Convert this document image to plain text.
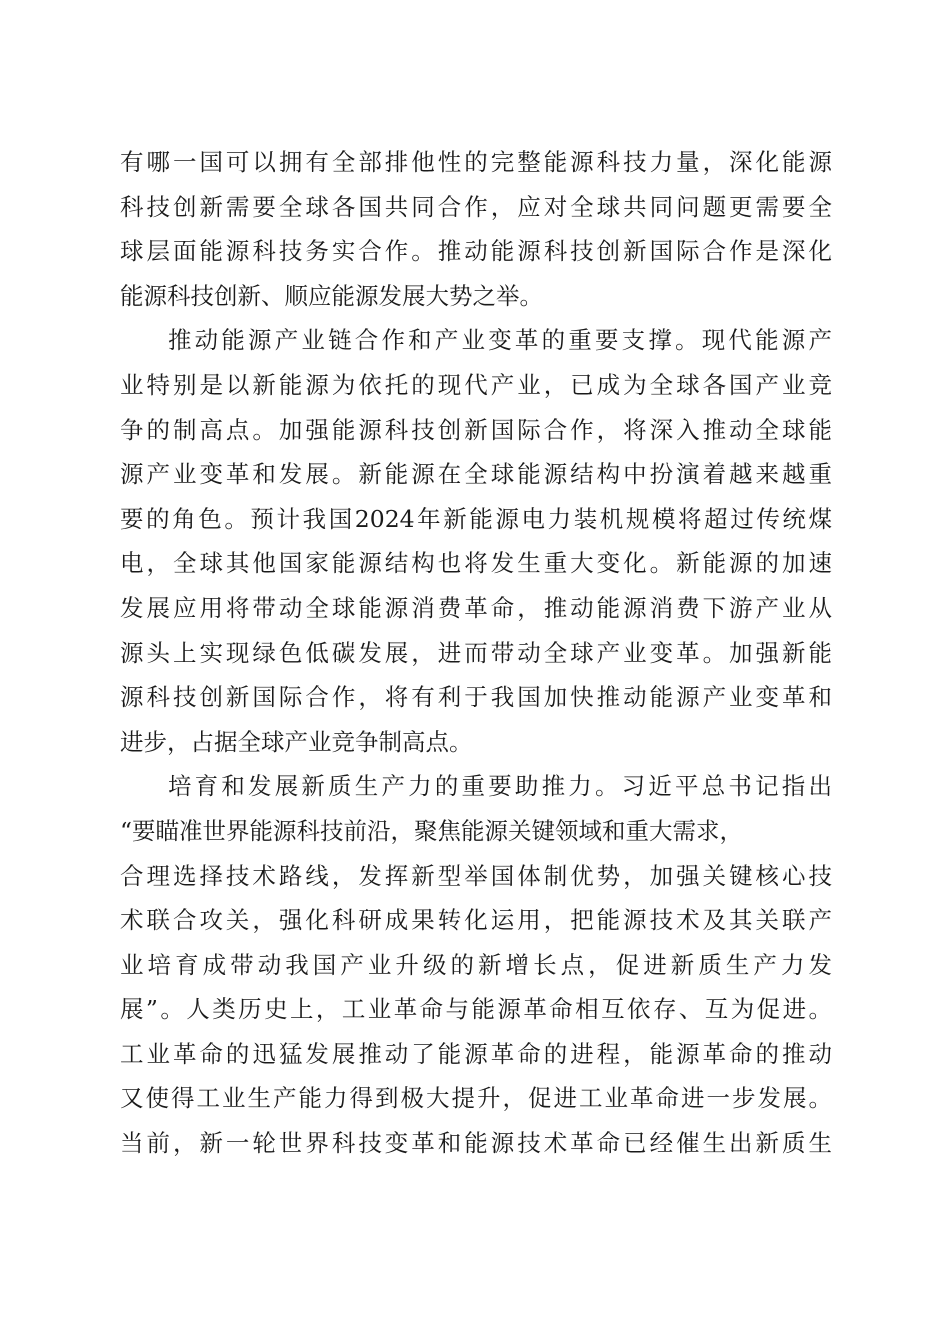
有哪一国可以拥有全部排他性的完整能源科技力量，深化能源
科技创新需要全球各国共同合作，应对全球共同问题更需要全
球层面能源科技务实合作。推动能源科技创新国际合作是深化
能源科技创新、顺应能源发展大势之举。
推动能源产业链合作和产业变革的重要支撑。现代能源产
业特别是以新能源为依托的现代产业，已成为全球各国产业竞
争的制高点。加强能源科技创新国际合作，将深入推动全球能
源产业变革和发展。新能源在全球能源结构中扮演着越来越重
要的角色。预计我国2024年新能源电力装机规模将超过传统煤
电，全球其他国家能源结构也将发生重大变化。新能源的加速
发展应用将带动全球能源消费革命，推动能源消费下游产业从
源头上实现绿色低碳发展，进而带动全球产业变革。加强新能
源科技创新国际合作，将有利于我国加快推动能源产业变革和
进步，占据全球产业竞争制高点。
培育和发展新质生产力的重要助推力。习近平总书记指出
“要瞄准世界能源科技前沿，聚焦能源关键领域和重大需求，
合理选择技术路线，发挥新型举国体制优势，加强关键核心技
术联合攻关，强化科研成果转化运用，把能源技术及其关联产
业培育成带动我国产业升级的新增长点，促进新质生产力发
展”。人类历史上，工业革命与能源革命相互依存、互为促进。
工业革命的迅猛发展推动了能源革命的进程，能源革命的推动
又使得工业生产能力得到极大提升，促进工业革命进一步发展。
当前，新一轮世界科技变革和能源技术革命已经催生出新质生
